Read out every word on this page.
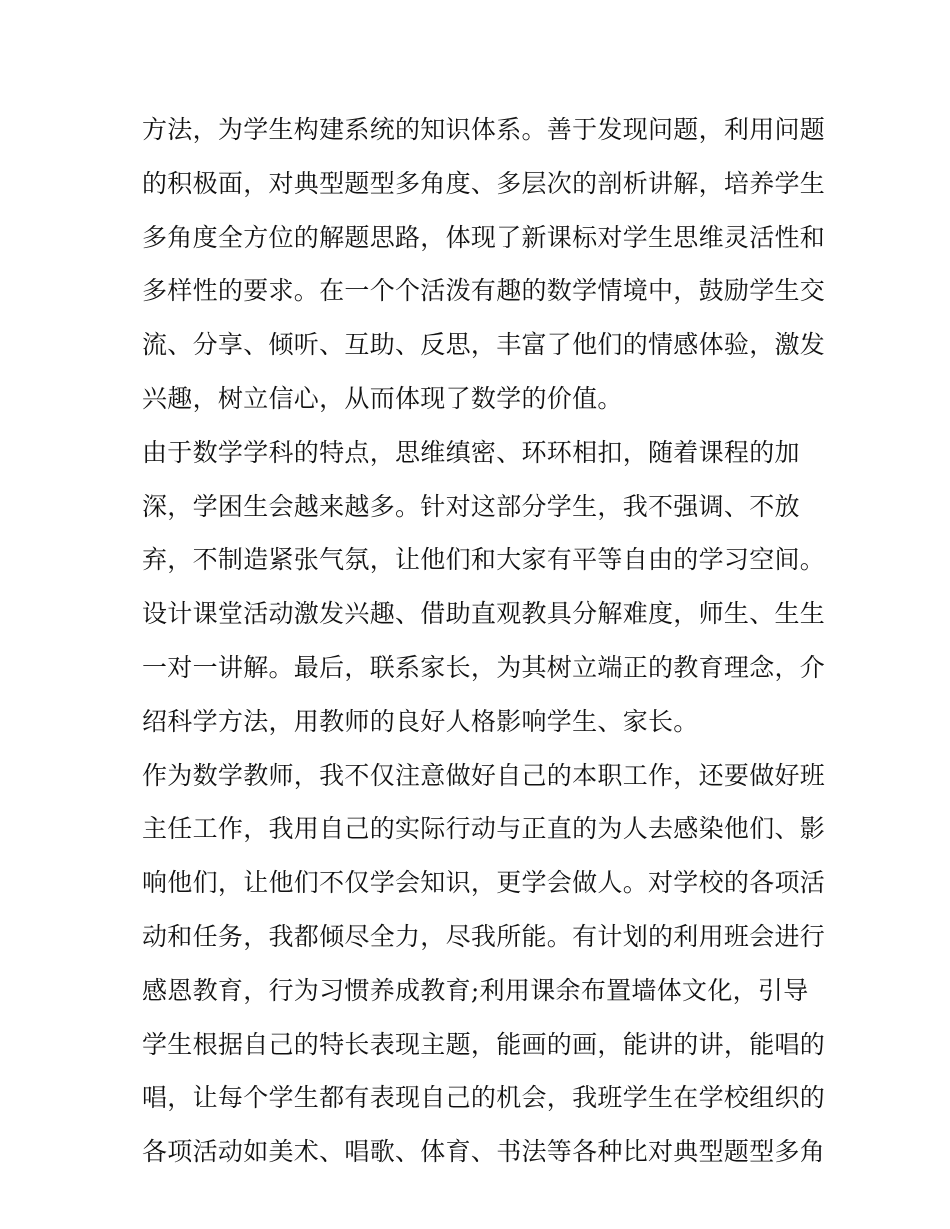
方法，为学生构建系统的知识体系。善于发现问题，利用问题
的积极面，对典型题型多角度、多层次的剖析讲解，培养学生
多角度全方位的解题思路，体现了新课标对学生思维灵活性和
多样性的要求。在一个个活泼有趣的数学情境中，鼓励学生交
流、分享、倾听、互助、反思，丰富了他们的情感体验，激发
兴趣，树立信心，从而体现了数学的价值。
由于数学学科的特点，思维缜密、环环相扣，随着课程的加
深，学困生会越来越多。针对这部分学生，我不强调、不放
弃，不制造紧张气氛，让他们和大家有平等自由的学习空间。
设计课堂活动激发兴趣、借助直观教具分解难度，师生、生生
一对一讲解。最后，联系家长，为其树立端正的教育理念，介
绍科学方法，用教师的良好人格影响学生、家长。
作为数学教师，我不仅注意做好自己的本职工作，还要做好班
主任工作，我用自己的实际行动与正直的为人去感染他们、影
响他们，让他们不仅学会知识，更学会做人。对学校的各项活
动和任务，我都倾尽全力，尽我所能。有计划的利用班会进行
感恩教育，行为习惯养成教育;利用课余布置墙体文化，引导
学生根据自己的特长表现主题，能画的画，能讲的讲，能唱的
唱，让每个学生都有表现自己的机会，我班学生在学校组织的
各项活动如美术、唱歌、体育、书法等各种比对典型题型多角
